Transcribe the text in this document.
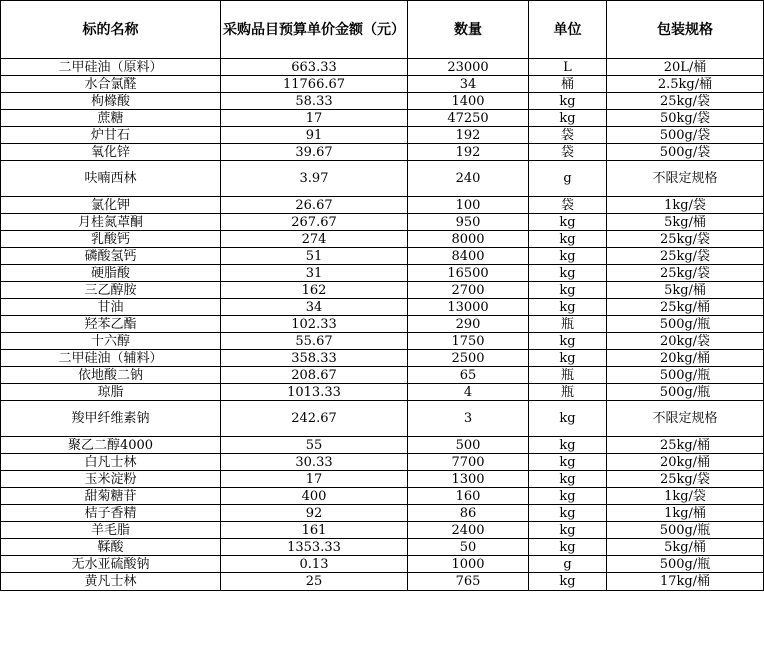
标的名称	采购品目预算单价金额（元）	数量	单位	包装规格
二甲硅油（原料）	663.33	23000	L	20L/桶
水合氯醛	11766.67	34	桶	2.5kg/桶
枸橼酸	58.33	1400	kg	25kg/袋
蔗糖	17	47250	kg	50kg/袋
炉甘石	91	192	袋	500g/袋
氧化锌	39.67	192	袋	500g/袋
呋喃西林	3.97	240	g	不限定规格
氯化钾	26.67	100	袋	1kg/袋
月桂氮䓬酮	267.67	950	kg	5kg/桶
乳酸钙	274	8000	kg	25kg/袋
磷酸氢钙	51	8400	kg	25kg/袋
硬脂酸	31	16500	kg	25kg/袋
三乙醇胺	162	2700	kg	5kg/桶
甘油	34	13000	kg	25kg/桶
羟苯乙酯	102.33	290	瓶	500g/瓶
十六醇	55.67	1750	kg	20kg/袋
二甲硅油（辅料）	358.33	2500	kg	20kg/桶
依地酸二钠	208.67	65	瓶	500g/瓶
琼脂	1013.33	4	瓶	500g/瓶
羧甲纤维素钠	242.67	3	kg	不限定规格
聚乙二醇4000	55	500	kg	25kg/桶
白凡士林	30.33	7700	kg	20kg/桶
玉米淀粉	17	1300	kg	25kg/袋
甜菊糖苷	400	160	kg	1kg/袋
桔子香精	92	86	kg	1kg/桶
羊毛脂	161	2400	kg	500g/瓶
鞣酸	1353.33	50	kg	5kg/桶
无水亚硫酸钠	0.13	1000	g	500g/瓶
黄凡士林	25	765	kg	17kg/桶
